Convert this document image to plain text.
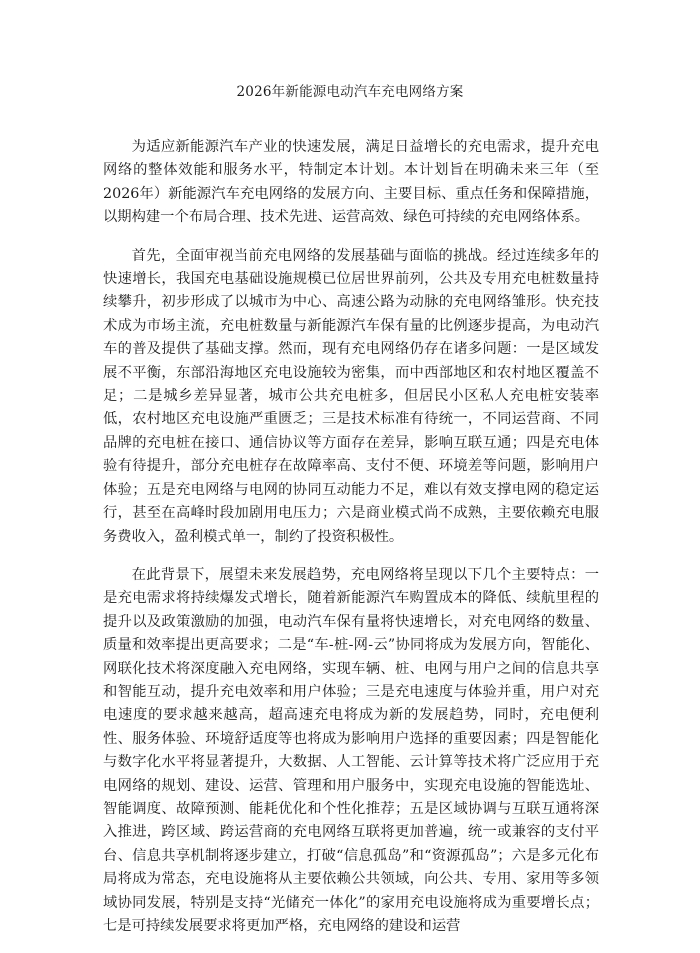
2026年新能源电动汽车充电网络方案

为适应新能源汽车产业的快速发展，满足日益增长的充电需求，提升充电网络的整体效能和服务水平，特制定本计划。本计划旨在明确未来三年（至2026年）新能源汽车充电网络的发展方向、主要目标、重点任务和保障措施，以期构建一个布局合理、技术先进、运营高效、绿色可持续的充电网络体系。

首先，全面审视当前充电网络的发展基础与面临的挑战。经过连续多年的快速增长，我国充电基础设施规模已位居世界前列，公共及专用充电桩数量持续攀升，初步形成了以城市为中心、高速公路为动脉的充电网络雏形。快充技术成为市场主流，充电桩数量与新能源汽车保有量的比例逐步提高，为电动汽车的普及提供了基础支撑。然而，现有充电网络仍存在诸多问题：一是区域发展不平衡，东部沿海地区充电设施较为密集，而中西部地区和农村地区覆盖不足；二是城乡差异显著，城市公共充电桩多，但居民小区私人充电桩安装率低，农村地区充电设施严重匮乏；三是技术标准有待统一，不同运营商、不同品牌的充电桩在接口、通信协议等方面存在差异，影响互联互通；四是充电体验有待提升，部分充电桩存在故障率高、支付不便、环境差等问题，影响用户体验；五是充电网络与电网的协同互动能力不足，难以有效支撑电网的稳定运行，甚至在高峰时段加剧用电压力；六是商业模式尚不成熟，主要依赖充电服务费收入，盈利模式单一，制约了投资积极性。

在此背景下，展望未来发展趋势，充电网络将呈现以下几个主要特点：一是充电需求将持续爆发式增长，随着新能源汽车购置成本的降低、续航里程的提升以及政策激励的加强，电动汽车保有量将快速增长，对充电网络的数量、质量和效率提出更高要求；二是“车-桩-网-云”协同将成为发展方向，智能化、网联化技术将深度融入充电网络，实现车辆、桩、电网与用户之间的信息共享和智能互动，提升充电效率和用户体验；三是充电速度与体验并重，用户对充电速度的要求越来越高，超高速充电将成为新的发展趋势，同时，充电便利性、服务体验、环境舒适度等也将成为影响用户选择的重要因素；四是智能化与数字化水平将显著提升，大数据、人工智能、云计算等技术将广泛应用于充电网络的规划、建设、运营、管理和用户服务中，实现充电设施的智能选址、智能调度、故障预测、能耗优化和个性化推荐；五是区域协调与互联互通将深入推进，跨区域、跨运营商的充电网络互联将更加普遍，统一或兼容的支付平台、信息共享机制将逐步建立，打破“信息孤岛”和“资源孤岛”；六是多元化布局将成为常态，充电设施将从主要依赖公共领域，向公共、专用、家用等多领域协同发展，特别是支持“光储充一体化”的家用充电设施将成为重要增长点；七是可持续发展要求将更加严格，充电网络的建设和运营
